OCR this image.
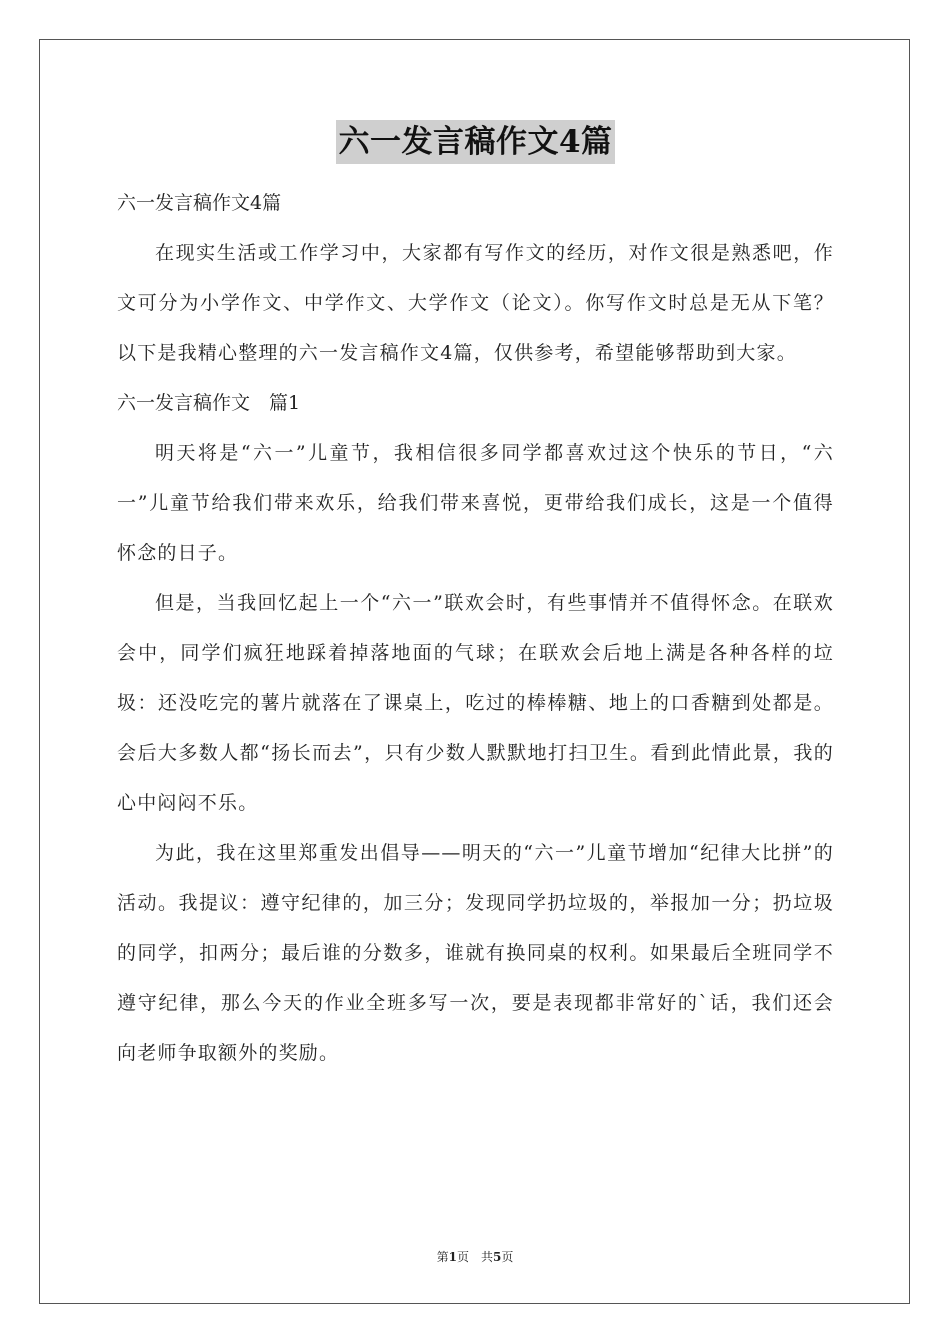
六一发言稿作文4篇

六一发言稿作文4篇

在现实生活或工作学习中，大家都有写作文的经历，对作文很是熟悉吧，作文可分为小学作文、中学作文、大学作文（论文）。你写作文时总是无从下笔？以下是我精心整理的六一发言稿作文4篇，仅供参考，希望能够帮助到大家。

六一发言稿作文　篇1

明天将是“六一”儿童节，我相信很多同学都喜欢过这个快乐的节日，“六一”儿童节给我们带来欢乐，给我们带来喜悦，更带给我们成长，这是一个值得怀念的日子。

但是，当我回忆起上一个“六一”联欢会时，有些事情并不值得怀念。在联欢会中，同学们疯狂地踩着掉落地面的气球；在联欢会后地上满是各种各样的垃圾：还没吃完的薯片就落在了课桌上，吃过的棒棒糖、地上的口香糖到处都是。会后大多数人都“扬长而去”，只有少数人默默地打扫卫生。看到此情此景，我的心中闷闷不乐。

为此，我在这里郑重发出倡导——明天的“六一”儿童节增加“纪律大比拼”的活动。我提议：遵守纪律的，加三分；发现同学扔垃圾的，举报加一分；扔垃圾的同学，扣两分；最后谁的分数多，谁就有换同桌的权利。如果最后全班同学不遵守纪律，那么今天的作业全班多写一次，要是表现都非常好的`话，我们还会向老师争取额外的奖励。

第1页　共5页
